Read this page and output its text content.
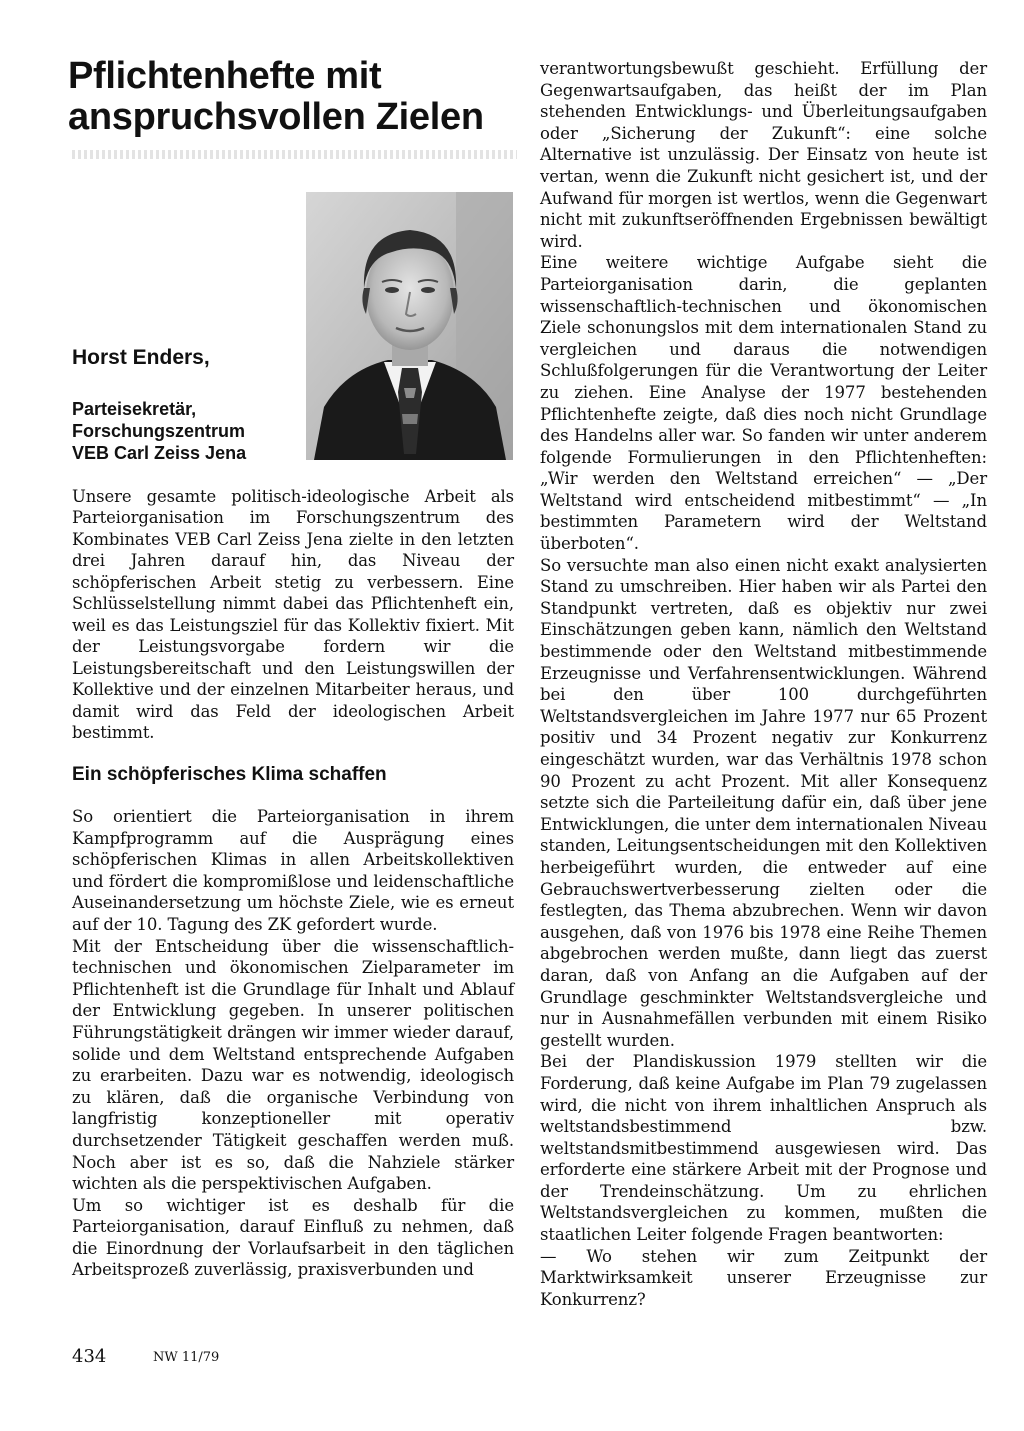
Pflichtenhefte mit anspruchsvollen Zielen
Horst Enders,
Parteisekretär,
Forschungszentrum
VEB Carl Zeiss Jena

Unsere gesamte politisch-ideologische Arbeit als Parteiorganisation im Forschungszentrum des Kombinates VEB Carl Zeiss Jena zielte in den letzten drei Jahren darauf hin, das Niveau der schöpferischen Arbeit stetig zu verbessern. Eine Schlüsselstellung nimmt dabei das Pflichtenheft ein, weil es das Leistungsziel für das Kollektiv fixiert. Mit der Leistungsvorgabe fordern wir die Leistungsbereitschaft und den Leistungswillen der Kollektive und der einzelnen Mitarbeiter heraus, und damit wird das Feld der ideologischen Arbeit bestimmt.

Ein schöpferisches Klima schaffen

So orientiert die Parteiorganisation in ihrem Kampfprogramm auf die Ausprägung eines schöpferischen Klimas in allen Arbeitskollektiven und fördert die kompromißlose und leidenschaftliche Auseinandersetzung um höchste Ziele, wie es erneut auf der 10. Tagung des ZK gefordert wurde.

Mit der Entscheidung über die wissenschaftlich-technischen und ökonomischen Zielparameter im Pflichtenheft ist die Grundlage für Inhalt und Ablauf der Entwicklung gegeben. In unserer politischen Führungstätigkeit drängen wir immer wieder darauf, solide und dem Weltstand entsprechende Aufgaben zu erarbeiten. Dazu war es notwendig, ideologisch zu klären, daß die organische Verbindung von langfristig konzeptioneller mit operativ durchsetzender Tätigkeit geschaffen werden muß. Noch aber ist es so, daß die Nahziele stärker wichten als die perspektivischen Aufgaben.

Um so wichtiger ist es deshalb für die Parteiorganisation, darauf Einfluß zu nehmen, daß die Einordnung der Vorlaufsarbeit in den täglichen Arbeitsprozeß zuverlässig, praxisverbunden und

verantwortungsbewußt geschieht. Erfüllung der Gegenwartsaufgaben, das heißt der im Plan stehenden Entwicklungs- und Überleitungsaufgaben oder „Sicherung der Zukunft“: eine solche Alternative ist unzulässig. Der Einsatz von heute ist vertan, wenn die Zukunft nicht gesichert ist, und der Aufwand für morgen ist wertlos, wenn die Gegenwart nicht mit zukunftseröffnenden Ergebnissen bewältigt wird.

Eine weitere wichtige Aufgabe sieht die Parteiorganisation darin, die geplanten wissenschaftlich-technischen und ökonomischen Ziele schonungslos mit dem internationalen Stand zu vergleichen und daraus die notwendigen Schlußfolgerungen für die Verantwortung der Leiter zu ziehen. Eine Analyse der 1977 bestehenden Pflichtenhefte zeigte, daß dies noch nicht Grundlage des Handelns aller war. So fanden wir unter anderem folgende Formulierungen in den Pflichtenheften: „Wir werden den Weltstand erreichen“ — „Der Weltstand wird entscheidend mitbestimmt“ — „In bestimmten Parametern wird der Weltstand überboten“.

So versuchte man also einen nicht exakt analysierten Stand zu umschreiben. Hier haben wir als Partei den Standpunkt vertreten, daß es objektiv nur zwei Einschätzungen geben kann, nämlich den Weltstand bestimmende oder den Weltstand mitbestimmende Erzeugnisse und Verfahrensentwicklungen. Während bei den über 100 durchgeführten Weltstandsvergleichen im Jahre 1977 nur 65 Prozent positiv und 34 Prozent negativ zur Konkurrenz eingeschätzt wurden, war das Verhältnis 1978 schon 90 Prozent zu acht Prozent. Mit aller Konsequenz setzte sich die Parteileitung dafür ein, daß über jene Entwicklungen, die unter dem internationalen Niveau standen, Leitungsentscheidungen mit den Kollektiven herbeigeführt wurden, die entweder auf eine Gebrauchswertverbesserung zielten oder die festlegten, das Thema abzubrechen. Wenn wir davon ausgehen, daß von 1976 bis 1978 eine Reihe Themen abgebrochen werden mußte, dann liegt das zuerst daran, daß von Anfang an die Aufgaben auf der Grundlage geschminkter Weltstandsvergleiche und nur in Ausnahmefällen verbunden mit einem Risiko gestellt wurden.

Bei der Plandiskussion 1979 stellten wir die Forderung, daß keine Aufgabe im Plan 79 zugelassen wird, die nicht von ihrem inhaltlichen Anspruch als weltstandsbestimmend bzw. weltstandsmitbestimmend ausgewiesen wird. Das erforderte eine stärkere Arbeit mit der Prognose und der Trendeinschätzung. Um zu ehrlichen Weltstandsvergleichen zu kommen, mußten die staatlichen Leiter folgende Fragen beantworten:

— Wo stehen wir zum Zeitpunkt der Marktwirksamkeit unserer Erzeugnisse zur Konkurrenz?

434	NW 11/79
